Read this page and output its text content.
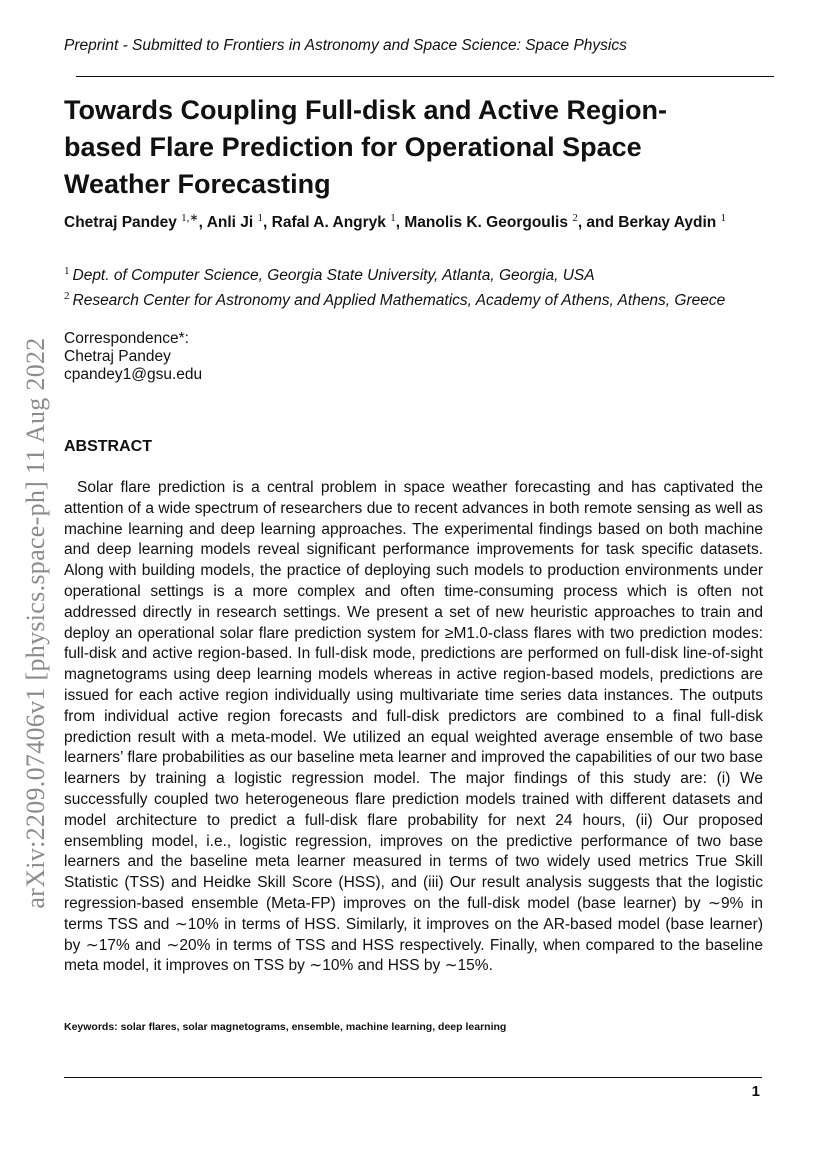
Preprint - Submitted to Frontiers in Astronomy and Space Science: Space Physics
arXiv:2209.07406v1 [physics.space-ph] 11 Aug 2022
Towards Coupling Full-disk and Active Region-based Flare Prediction for Operational Space Weather Forecasting
Chetraj Pandey $^{1,∗}$, Anli Ji $^1$, Rafal A. Angryk $^1$, Manolis K. Georgoulis $^2$, and Berkay Aydin $^1$
$^1$ Dept. of Computer Science, Georgia State University, Atlanta, Georgia, USA
$^2$ Research Center for Astronomy and Applied Mathematics, Academy of Athens, Athens, Greece
Correspondence*:
Chetraj Pandey
cpandey1@gsu.edu
ABSTRACT

Solar flare prediction is a central problem in space weather forecasting and has captivated the attention of a wide spectrum of researchers due to recent advances in both remote sensing as well as machine learning and deep learning approaches. The experimental findings based on both machine and deep learning models reveal significant performance improvements for task specific datasets. Along with building models, the practice of deploying such models to production environments under operational settings is a more complex and often time-consuming process which is often not addressed directly in research settings. We present a set of new heuristic approaches to train and deploy an operational solar flare prediction system for ≥M1.0-class flares with two prediction modes: full-disk and active region-based. In full-disk mode, predictions are performed on full-disk line-of-sight magnetograms using deep learning models whereas in active region-based models, predictions are issued for each active region individually using multivariate time series data instances. The outputs from individual active region forecasts and full-disk predictors are combined to a final full-disk prediction result with a meta-model. We utilized an equal weighted average ensemble of two base learners’ flare probabilities as our baseline meta learner and improved the capabilities of our two base learners by training a logistic regression model. The major findings of this study are: (i) We successfully coupled two heterogeneous flare prediction models trained with different datasets and model architecture to predict a full-disk flare probability for next 24 hours, (ii) Our proposed ensembling model, i.e., logistic regression, improves on the predictive performance of two base learners and the baseline meta learner measured in terms of two widely used metrics True Skill Statistic (TSS) and Heidke Skill Score (HSS), and (iii) Our result analysis suggests that the logistic regression-based ensemble (Meta-FP) improves on the full-disk model (base learner) by ∼9% in terms TSS and ∼10% in terms of HSS. Similarly, it improves on the AR-based model (base learner) by ∼17% and ∼20% in terms of TSS and HSS respectively. Finally, when compared to the baseline meta model, it improves on TSS by ∼10% and HSS by ∼15%.

Keywords: solar flares, solar magnetograms, ensemble, machine learning, deep learning
1
